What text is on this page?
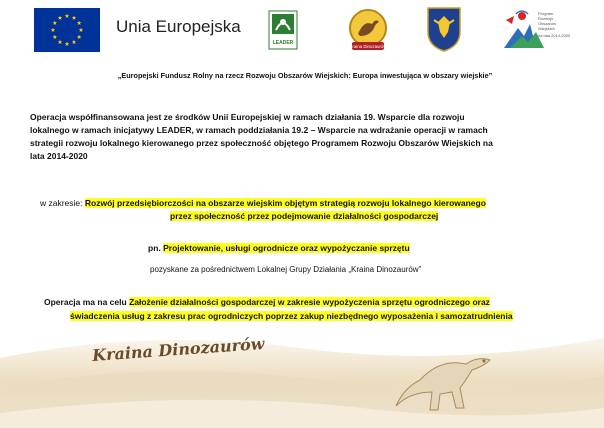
Unia Europejska
LEADER
Kraina Dinozaurów
Program
Rozwoju
Obszarów
Wiejskich
na lata 2014-2020
„Europejski Fundusz Rolny na rzecz Rozwoju Obszarów Wiejskich: Europa inwestująca w obszary wiejskie”
Operacja współfinansowana jest ze środków Unii Europejskiej w ramach działania 19. Wsparcie dla rozwoju
lokalnego w ramach inicjatywy LEADER, w ramach poddziałania 19.2 – Wsparcie na wdrażanie operacji w ramach
strategii rozwoju lokalnego kierowanego przez społeczność objętego Programem Rozwoju Obszarów Wiejskich na
lata 2014-2020
w zakresie: Rozwój przedsiębiorczości na obszarze wiejskim objętym strategią rozwoju lokalnego kierowanego
przez społeczność przez podejmowanie działalności gospodarczej
pn. Projektowanie, usługi ogrodnicze oraz wypożyczanie sprzętu
pozyskane za pośrednictwem Lokalnej Grupy Działania „Kraina Dinozaurów”
Operacja ma na celu Założenie działalności gospodarczej w zakresie wypożyczenia sprzętu ogrodniczego oraz
świadczenia usług z zakresu prac ogrodniczych poprzez zakup niezbędnego wyposażenia i samozatrudnienia
Kraina Dinozaurów
